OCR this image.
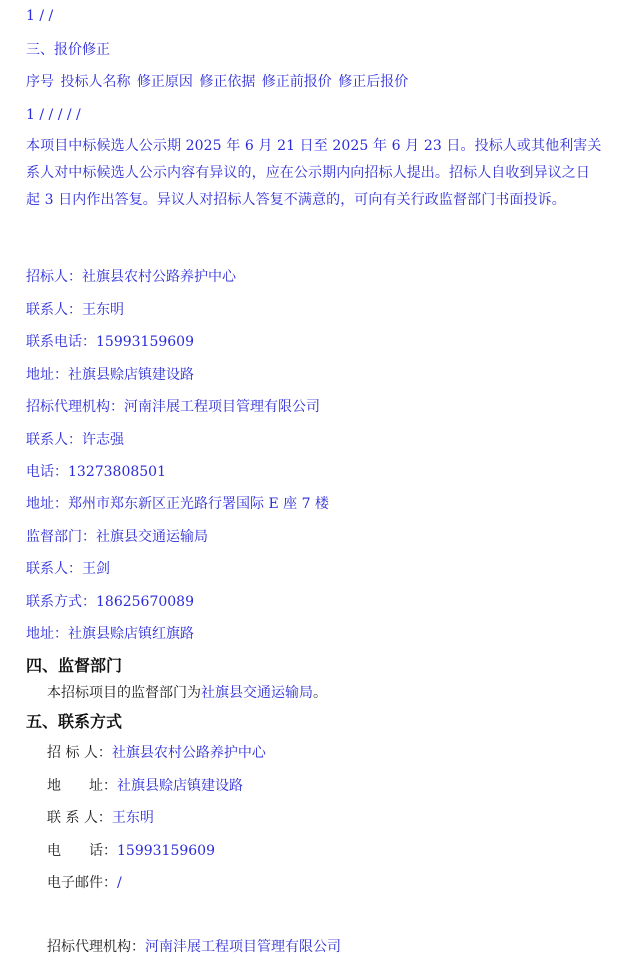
1 / /

三、报价修正

序号 投标人名称 修正原因 修正依据 修正前报价 修正后报价

1 / / / / /

本项目中标候选人公示期 2025 年 6 月 21 日至 2025 年 6 月 23 日。投标人或其他利害关系人对中标候选人公示内容有异议的，应在公示期内向招标人提出。招标人自收到异议之日起 3 日内作出答复。异议人对招标人答复不满意的，可向有关行政监督部门书面投诉。

招标人：社旗县农村公路养护中心

联系人：王东明

联系电话：15993159609

地址：社旗县赊店镇建设路

招标代理机构：河南沣展工程项目管理有限公司

联系人：许志强

电话：13273808501

地址：郑州市郑东新区正光路行署国际 E 座 7 楼

监督部门：社旗县交通运输局

联系人：王剑

联系方式：18625670089

地址：社旗县赊店镇红旗路

四、监督部门

本招标项目的监督部门为社旗县交通运输局。

五、联系方式

招 标 人：社旗县农村公路养护中心

地　　址：社旗县赊店镇建设路

联 系 人：王东明

电　　话：15993159609

电子邮件：/

招标代理机构：河南沣展工程项目管理有限公司
